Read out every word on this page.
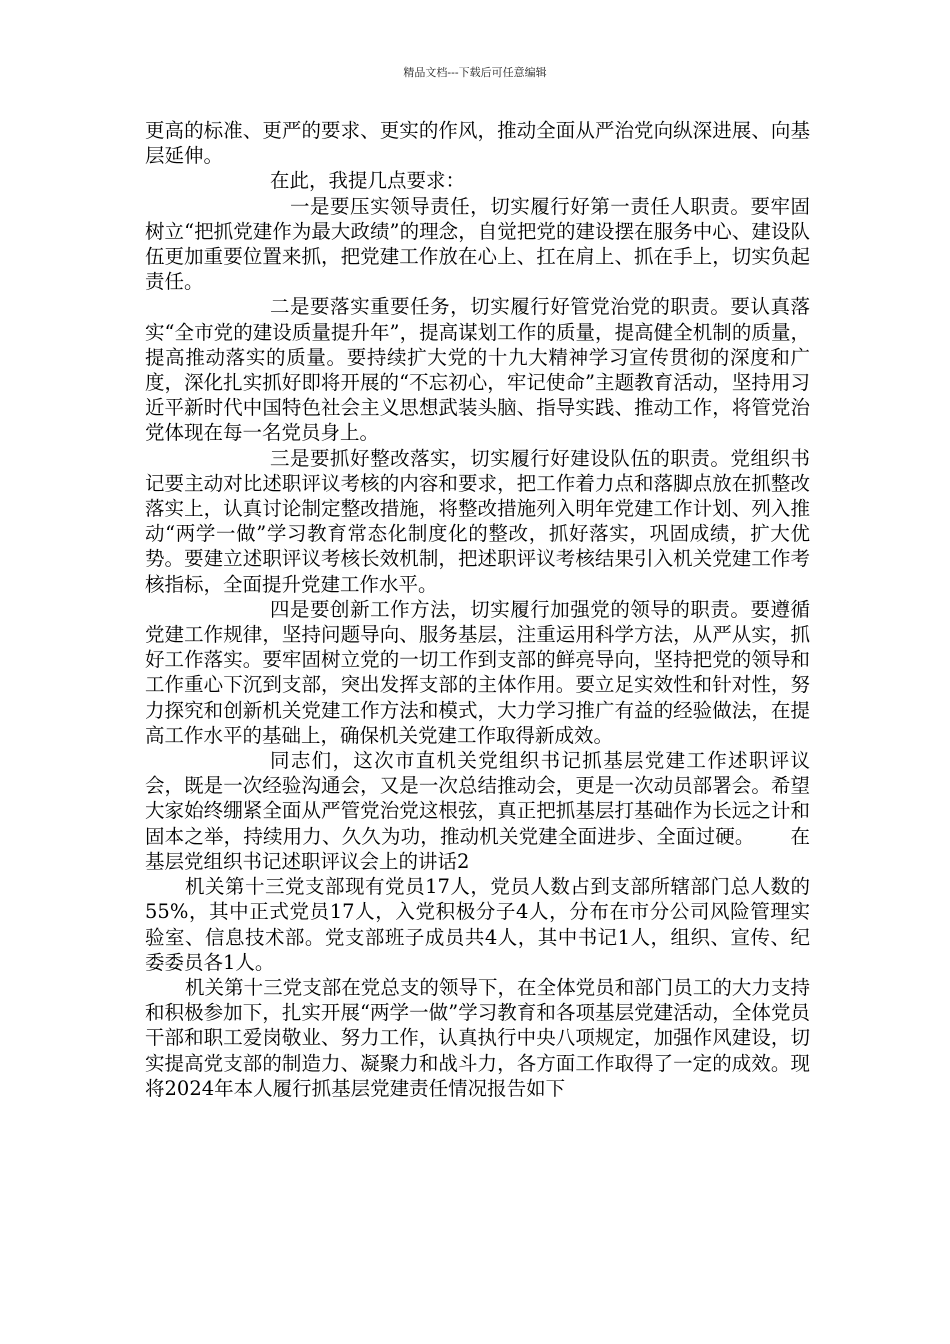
精品文档---下载后可任意编辑

更高的标准、更严的要求、更实的作风，推动全面从严治党向纵深进展、向基层延伸。

在此，我提几点要求：

一是要压实领导责任，切实履行好第一责任人职责。要牢固树立“把抓党建作为最大政绩”的理念，自觉把党的建设摆在服务中心、建设队伍更加重要位置来抓，把党建工作放在心上、扛在肩上、抓在手上，切实负起责任。

二是要落实重要任务，切实履行好管党治党的职责。要认真落实“全市党的建设质量提升年”，提高谋划工作的质量，提高健全机制的质量，提高推动落实的质量。要持续扩大党的十九大精神学习宣传贯彻的深度和广度，深化扎实抓好即将开展的“不忘初心，牢记使命”主题教育活动，坚持用习近平新时代中国特色社会主义思想武装头脑、指导实践、推动工作，将管党治党体现在每一名党员身上。

三是要抓好整改落实，切实履行好建设队伍的职责。党组织书记要主动对比述职评议考核的内容和要求，把工作着力点和落脚点放在抓整改落实上，认真讨论制定整改措施，将整改措施列入明年党建工作计划、列入推动“两学一做”学习教育常态化制度化的整改，抓好落实，巩固成绩，扩大优势。要建立述职评议考核长效机制，把述职评议考核结果引入机关党建工作考核指标，全面提升党建工作水平。

四是要创新工作方法，切实履行加强党的领导的职责。要遵循党建工作规律，坚持问题导向、服务基层，注重运用科学方法，从严从实，抓好工作落实。要牢固树立党的一切工作到支部的鲜亮导向，坚持把党的领导和工作重心下沉到支部，突出发挥支部的主体作用。要立足实效性和针对性，努力探究和创新机关党建工作方法和模式，大力学习推广有益的经验做法，在提高工作水平的基础上，确保机关党建工作取得新成效。

同志们，这次市直机关党组织书记抓基层党建工作述职评议会，既是一次经验沟通会，又是一次总结推动会，更是一次动员部署会。希望大家始终绷紧全面从严管党治党这根弦，真正把抓基层打基础作为长远之计和固本之举，持续用力、久久为功，推动机关党建全面进步、全面过硬。　　 在基层党组织书记述职评议会上的讲话2

机关第十三党支部现有党员17人，党员人数占到支部所辖部门总人数的55%，其中正式党员17人，入党积极分子4人，分布在市分公司风险管理实验室、信息技术部。党支部班子成员共4人，其中书记1人，组织、宣传、纪委委员各1人。

机关第十三党支部在党总支的领导下，在全体党员和部门员工的大力支持和积极参加下，扎实开展“两学一做”学习教育和各项基层党建活动，全体党员干部和职工爱岗敬业、努力工作，认真执行中央八项规定，加强作风建设，切实提高党支部的制造力、凝聚力和战斗力，各方面工作取得了一定的成效。现将2024年本人履行抓基层党建责任情况报告如下
